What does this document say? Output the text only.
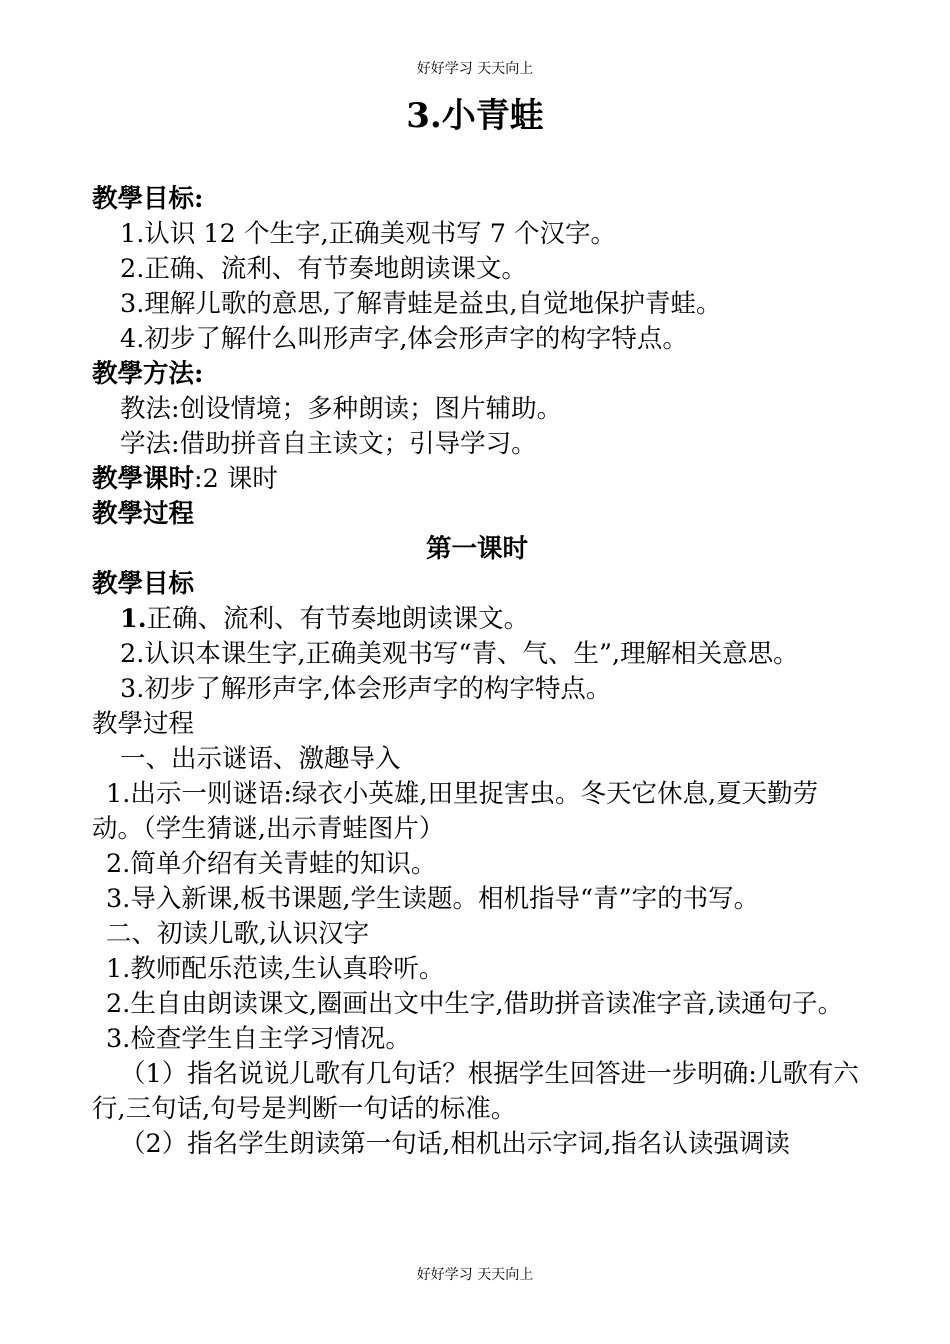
好好学习 天天向上
3.小青蛙

教學目标:

1.认识 12 个生字,正确美观书写 7 个汉字。

2.正确、流利、有节奏地朗读课文。

3.理解儿歌的意思,了解青蛙是益虫,自觉地保护青蛙。

4.初步了解什么叫形声字,体会形声字的构字特点。

教學方法:

教法:创设情境；多种朗读；图片辅助。

学法:借助拼音自主读文；引导学习。

教學课时:2 课时

教學过程

第一课时

教學目标

1.正确、流利、有节奏地朗读课文。

2.认识本课生字,正确美观书写“青、气、生”,理解相关意思。

3.初步了解形声字,体会形声字的构字特点。

教學过程

一、出示谜语、激趣导入

1.出示一则谜语:绿衣小英雄,田里捉害虫。冬天它休息,夏天勤劳动。（学生猜谜,出示青蛙图片）

2.简单介绍有关青蛙的知识。

3.导入新课,板书课题,学生读题。相机指导“青”字的书写。

二、初读儿歌,认识汉字

1.教师配乐范读,生认真聆听。

2.生自由朗读课文,圈画出文中生字,借助拼音读准字音,读通句子。

3.检查学生自主学习情况。

（1）指名说说儿歌有几句话？根据学生回答进一步明确:儿歌有六行,三句话,句号是判断一句话的标准。

（2）指名学生朗读第一句话,相机出示字词,指名认读强调读

好好学习 天天向上
